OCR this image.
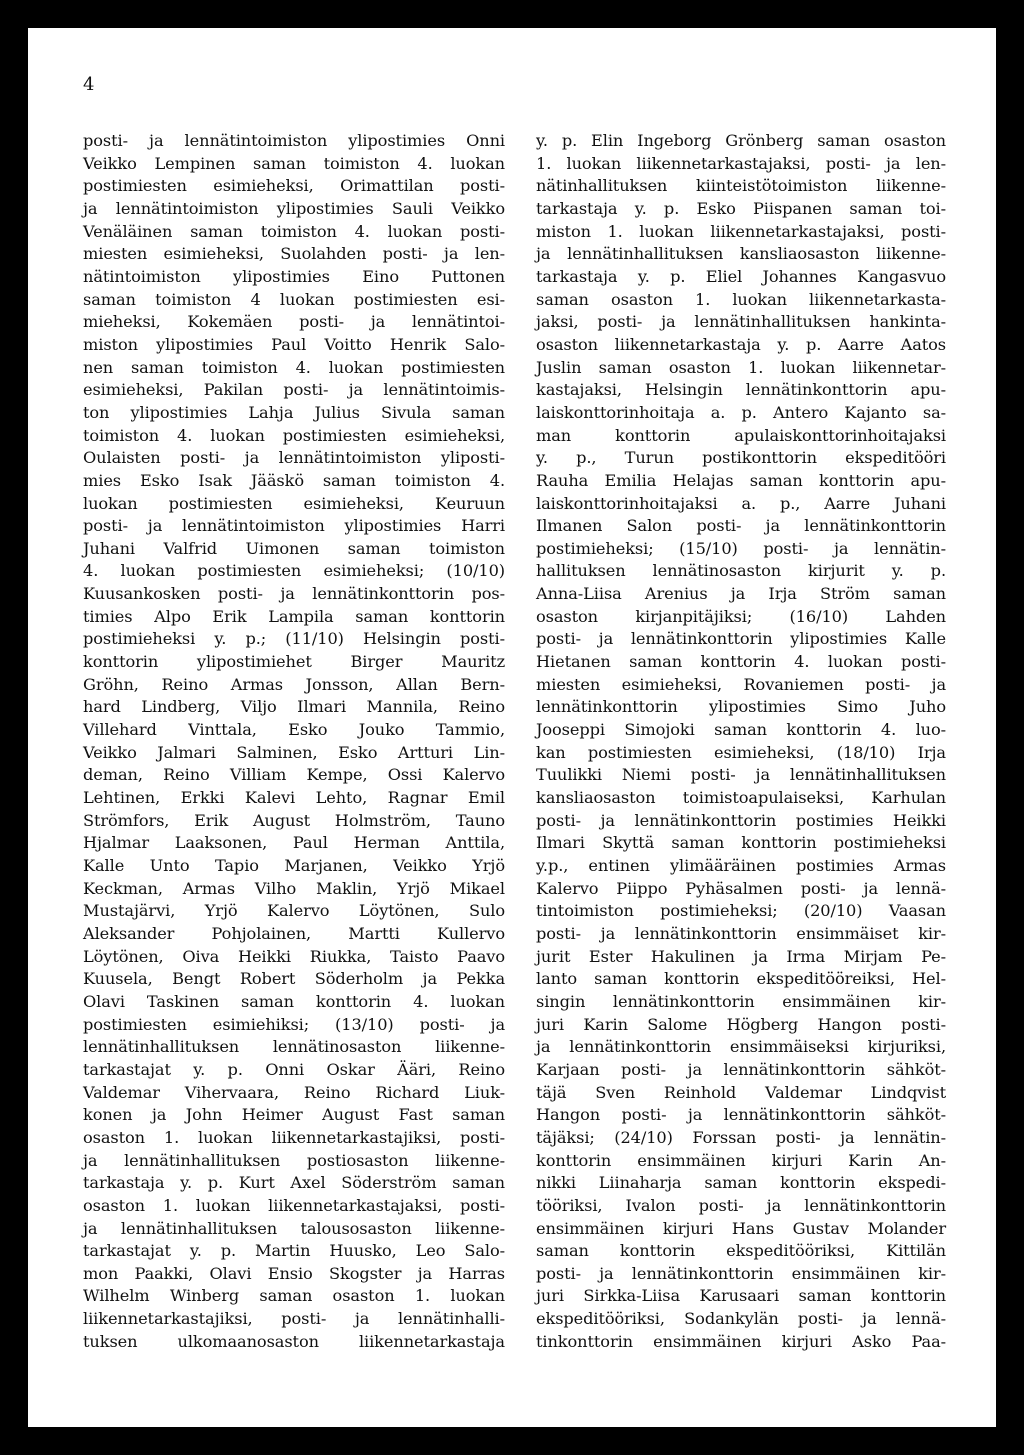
4
posti- ja lennätintoimiston ylipostimies Onni
Veikko Lempinen saman toimiston 4. luokan
postimiesten esimieheksi, Orimattilan posti-
ja lennätintoimiston ylipostimies Sauli Veikko
Venäläinen saman toimiston 4. luokan posti-
miesten esimieheksi, Suolahden posti- ja len-
nätintoimiston ylipostimies Eino Puttonen
saman toimiston 4 luokan postimiesten esi-
mieheksi, Kokemäen posti- ja lennätintoi-
miston ylipostimies Paul Voitto Henrik Salo-
nen saman toimiston 4. luokan postimiesten
esimieheksi, Pakilan posti- ja lennätintoimis-
ton ylipostimies Lahja Julius Sivula saman
toimiston 4. luokan postimiesten esimieheksi,
Oulaisten posti- ja lennätintoimiston yliposti-
mies Esko Isak Jääskö saman toimiston 4.
luokan postimiesten esimieheksi, Keuruun
posti- ja lennätintoimiston ylipostimies Harri
Juhani Valfrid Uimonen saman toimiston
4. luokan postimiesten esimieheksi; (10/10)
Kuusankosken posti- ja lennätinkonttorin pos-
timies Alpo Erik Lampila saman konttorin
postimieheksi y. p.; (11/10) Helsingin posti-
konttorin ylipostimiehet Birger Mauritz
Gröhn, Reino Armas Jonsson, Allan Bern-
hard Lindberg, Viljo Ilmari Mannila, Reino
Villehard Vinttala, Esko Jouko Tammio,
Veikko Jalmari Salminen, Esko Artturi Lin-
deman, Reino Villiam Kempe, Ossi Kalervo
Lehtinen, Erkki Kalevi Lehto, Ragnar Emil
Strömfors, Erik August Holmström, Tauno
Hjalmar Laaksonen, Paul Herman Anttila,
Kalle Unto Tapio Marjanen, Veikko Yrjö
Keckman, Armas Vilho Maklin, Yrjö Mikael
Mustajärvi, Yrjö Kalervo Löytönen, Sulo
Aleksander Pohjolainen, Martti Kullervo
Löytönen, Oiva Heikki Riukka, Taisto Paavo
Kuusela, Bengt Robert Söderholm ja Pekka
Olavi Taskinen saman konttorin 4. luokan
postimiesten esimiehiksi; (13/10) posti- ja
lennätinhallituksen lennätinosaston liikenne-
tarkastajat y. p. Onni Oskar Ääri, Reino
Valdemar Vihervaara, Reino Richard Liuk-
konen ja John Heimer August Fast saman
osaston 1. luokan liikennetarkastajiksi, posti-
ja lennätinhallituksen postiosaston liikenne-
tarkastaja y. p. Kurt Axel Söderström saman
osaston 1. luokan liikennetarkastajaksi, posti-
ja lennätinhallituksen talousosaston liikenne-
tarkastajat y. p. Martin Huusko, Leo Salo-
mon Paakki, Olavi Ensio Skogster ja Harras
Wilhelm Winberg saman osaston 1. luokan
liikennetarkastajiksi, posti- ja lennätinhalli-
tuksen ulkomaanosaston liikennetarkastaja
y. p. Elin Ingeborg Grönberg saman osaston
1. luokan liikennetarkastajaksi, posti- ja len-
nätinhallituksen kiinteistötoimiston liikenne-
tarkastaja y. p. Esko Piispanen saman toi-
miston 1. luokan liikennetarkastajaksi, posti-
ja lennätinhallituksen kansliaosaston liikenne-
tarkastaja y. p. Eliel Johannes Kangasvuo
saman osaston 1. luokan liikennetarkasta-
jaksi, posti- ja lennätinhallituksen hankinta-
osaston liikennetarkastaja y. p. Aarre Aatos
Juslin saman osaston 1. luokan liikennetar-
kastajaksi, Helsingin lennätinkonttorin apu-
laiskonttorinhoitaja a. p. Antero Kajanto sa-
man konttorin apulaiskonttorinhoitajaksi
y. p., Turun postikonttorin ekspeditööri
Rauha Emilia Helajas saman konttorin apu-
laiskonttorinhoitajaksi a. p., Aarre Juhani
Ilmanen Salon posti- ja lennätinkonttorin
postimieheksi; (15/10) posti- ja lennätin-
hallituksen lennätinosaston kirjurit y. p.
Anna-Liisa Arenius ja Irja Ström saman
osaston kirjanpitäjiksi; (16/10) Lahden
posti- ja lennätinkonttorin ylipostimies Kalle
Hietanen saman konttorin 4. luokan posti-
miesten esimieheksi, Rovaniemen posti- ja
lennätinkonttorin ylipostimies Simo Juho
Jooseppi Simojoki saman konttorin 4. luo-
kan postimiesten esimieheksi, (18/10) Irja
Tuulikki Niemi posti- ja lennätinhallituksen
kansliaosaston toimistoapulaiseksi, Karhulan
posti- ja lennätinkonttorin postimies Heikki
Ilmari Skyttä saman konttorin postimieheksi
y.p., entinen ylimääräinen postimies Armas
Kalervo Piippo Pyhäsalmen posti- ja lennä-
tintoimiston postimieheksi; (20/10) Vaasan
posti- ja lennätinkonttorin ensimmäiset kir-
jurit Ester Hakulinen ja Irma Mirjam Pe-
lanto saman konttorin ekspeditööreiksi, Hel-
singin lennätinkonttorin ensimmäinen kir-
juri Karin Salome Högberg Hangon posti-
ja lennätinkonttorin ensimmäiseksi kirjuriksi,
Karjaan posti- ja lennätinkonttorin sähköt-
täjä Sven Reinhold Valdemar Lindqvist
Hangon posti- ja lennätinkonttorin sähköt-
täjäksi; (24/10) Forssan posti- ja lennätin-
konttorin ensimmäinen kirjuri Karin An-
nikki Liinaharja saman konttorin ekspedi-
tööriksi, Ivalon posti- ja lennätinkonttorin
ensimmäinen kirjuri Hans Gustav Molander
saman konttorin ekspeditööriksi, Kittilän
posti- ja lennätinkonttorin ensimmäinen kir-
juri Sirkka-Liisa Karusaari saman konttorin
ekspeditööriksi, Sodankylän posti- ja lennä-
tinkonttorin ensimmäinen kirjuri Asko Paa-
